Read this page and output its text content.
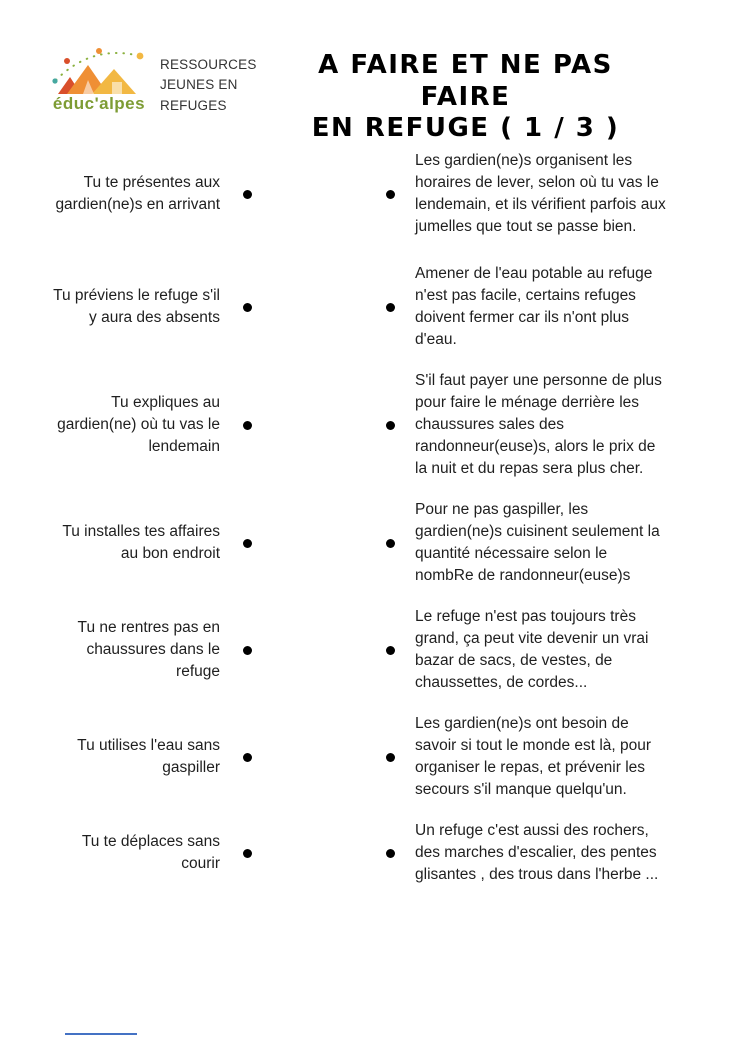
éduc'alpes
RESSOURCES
JEUNES EN
REFUGES
A FAIRE ET NE PAS FAIRE
EN REFUGE ( 1 / 3 )
Tu te présentes aux gardien(ne)s en arrivant
Les gardien(ne)s organisent les horaires de lever, selon où tu vas le lendemain, et ils vérifient parfois aux jumelles que tout se passe bien.
Tu préviens le refuge s'il y aura des absents
Amener de l'eau potable au refuge n'est pas facile, certains refuges doivent fermer car ils n'ont plus d'eau.
Tu expliques au gardien(ne) où tu vas le lendemain
S'il faut payer une personne de plus pour faire le ménage derrière les chaussures sales des randonneur(euse)s, alors le prix de la nuit et du repas sera plus cher.
Tu installes tes affaires au bon endroit
Pour ne pas gaspiller, les gardien(ne)s cuisinent seulement la quantité nécessaire selon le nombRe de randonneur(euse)s
Tu ne rentres pas en chaussures dans le refuge
Le refuge n'est pas toujours très grand, ça peut vite devenir un vrai bazar de sacs, de vestes, de chaussettes, de cordes...
Tu utilises l'eau sans gaspiller
Les gardien(ne)s ont besoin de savoir si tout le monde est là, pour organiser le repas, et prévenir les secours s'il manque quelqu'un.
Tu te déplaces sans courir
Un refuge c'est aussi des rochers, des marches d'escalier, des pentes glisantes , des trous dans l'herbe ...
